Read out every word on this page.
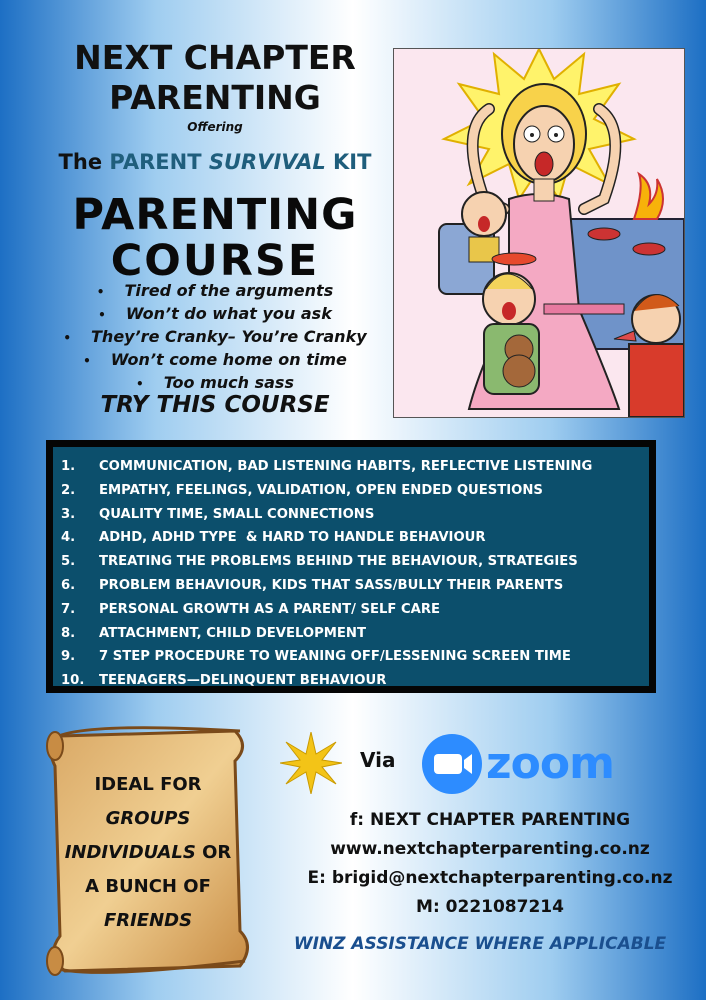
NEXT CHAPTER
PARENTING
Offering
The PARENT SURVIVAL KIT
PARENTING
COURSE
• Tired of the arguments
• Won’t do what you ask
• They’re Cranky– You’re Cranky
• Won’t come home on time
• Too much sass
TRY THIS COURSE
1. COMMUNICATION, BAD LISTENING HABITS, REFLECTIVE LISTENING
2. EMPATHY, FEELINGS, VALIDATION, OPEN ENDED QUESTIONS
3. QUALITY TIME, SMALL CONNECTIONS
4. ADHD, ADHD TYPE  & HARD TO HANDLE BEHAVIOUR
5. TREATING THE PROBLEMS BEHIND THE BEHAVIOUR, STRATEGIES
6. PROBLEM BEHAVIOUR, KIDS THAT SASS/BULLY THEIR PARENTS
7. PERSONAL GROWTH AS A PARENT/ SELF CARE
8. ATTACHMENT, CHILD DEVELOPMENT
9. 7 STEP PROCEDURE TO WEANING OFF/LESSENING SCREEN TIME
10. TEENAGERS—DELINQUENT BEHAVIOUR
IDEAL FOR
GROUPS
INDIVIDUALS OR
A BUNCH OF
FRIENDS
Via zoom
f: NEXT CHAPTER PARENTING
www.nextchapterparenting.co.nz
E: brigid@nextchapterparenting.co.nz
M: 0221087214
WINZ ASSISTANCE WHERE APPLICABLE
